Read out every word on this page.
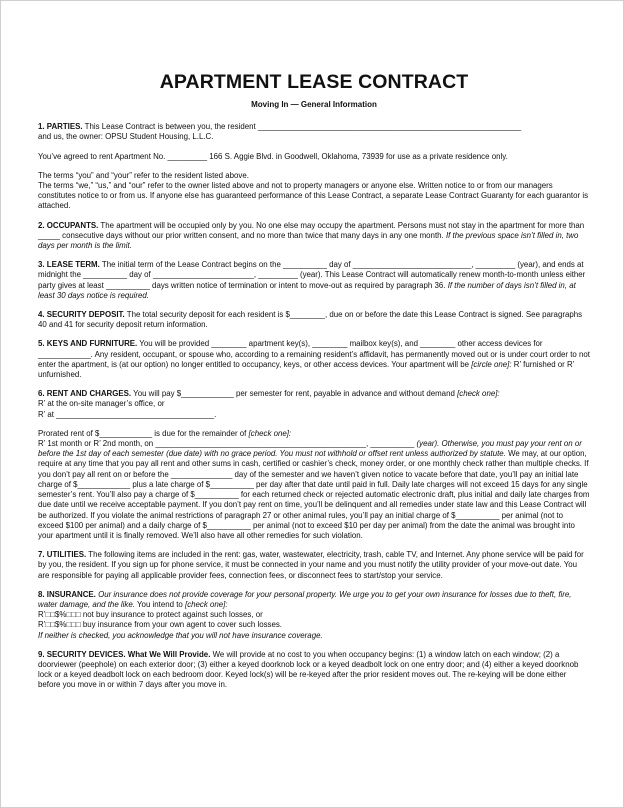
APARTMENT LEASE CONTRACT
Moving In — General Information

1. PARTIES. This Lease Contract is between you, the resident ____________________________________________________________

and us, the owner: OPSU Student Housing, L.L.C.

You’ve agreed to rent Apartment No. _________ 166 S. Aggie Blvd. in Goodwell, Oklahoma, 73939 for use as a private residence only.

The terms “you” and “your” refer to the resident listed above.

The terms “we,” “us,” and “our” refer to the owner listed above and not to property managers or anyone else. Written notice to or from our managers constitutes notice to or from us. If anyone else has guaranteed performance of this Lease Contract, a separate Lease Contract Guaranty for each guarantor is attached.

2. OCCUPANTS. The apartment will be occupied only by you. No one else may occupy the apartment. Persons must not stay in the apartment for more than _____ consecutive days without our prior written consent, and no more than twice that many days in any one month. If the previous space isn’t filled in, two days per month is the limit.

3. LEASE TERM. The initial term of the Lease Contract begins on the __________ day of ___________________________, _________ (year), and ends at midnight the __________ day of _______________________, _________ (year). This Lease Contract will automatically renew month-to-month unless either party gives at least __________ days written notice of termination or intent to move-out as required by paragraph 36. If the number of days isn’t filled in, at least 30 days notice is required.

4. SECURITY DEPOSIT. The total security deposit for each resident is $________, due on or before the date this Lease Contract is signed. See paragraphs 40 and 41 for security deposit return information.

5. KEYS AND FURNITURE. You will be provided ________ apartment key(s), ________ mailbox key(s), and ________ other access devices for ____________. Any resident, occupant, or spouse who, according to a remaining resident’s affidavit, has permanently moved out or is under court order to not enter the apartment, is (at our option) no longer entitled to occupancy, keys, or other access devices. Your apartment will be [circle one]: R’ furnished or R’ unfurnished.

6. RENT AND CHARGES. You will pay $____________ per semester for rent, payable in advance and without demand [check one]:

R’ at the on-site manager’s office, or

R’ at ____________________________________.

Prorated rent of $____________ is due for the remainder of [check one]:

R’ 1st month or R’ 2nd month, on ________________________________________________, __________ (year). Otherwise, you must pay your rent on or before the 1st day of each semester (due date) with no grace period. You must not withhold or offset rent unless authorized by statute. We may, at our option, require at any time that you pay all rent and other sums in cash, certified or cashier’s check, money order, or one monthly check rather than multiple checks. If you don’t pay all rent on or before the ______________ day of the semester and we haven’t given notice to vacate before that date, you’ll pay an initial late charge of $____________ plus a late charge of $__________ per day after that date until paid in full. Daily late charges will not exceed 15 days for any single semester’s rent. You’ll also pay a charge of $__________ for each returned check or rejected automatic electronic draft, plus initial and daily late charges from due date until we receive acceptable payment. If you don’t pay rent on time, you’ll be delinquent and all remedies under state law and this Lease Contract will be authorized. If you violate the animal restrictions of paragraph 27 or other animal rules, you’ll pay an initial charge of $__________ per animal (not to exceed $100 per animal) and a daily charge of $__________ per animal (not to exceed $10 per day per animal) from the date the animal was brought into your apartment until it is finally removed. We’ll also have all other remedies for such violation.

7. UTILITIES. The following items are included in the rent: gas, water, wastewater, electricity, trash, cable TV, and Internet. Any phone service will be paid for by you, the resident. If you sign up for phone service, it must be connected in your name and you must notify the utility provider of your move-out date. You are responsible for paying all applicable provider fees, connection fees, or disconnect fees to start/stop your service.

8. INSURANCE. Our insurance does not provide coverage for your personal property. We urge you to get your own insurance for losses due to theft, fire, water damage, and the like. You intend to [check one]:

R’□□$%□□□ not buy insurance to protect against such losses, or

R’□□$%□□□ buy insurance from your own agent to cover such losses.

If neither is checked, you acknowledge that you will not have insurance coverage.

9. SECURITY DEVICES. What We Will Provide. We will provide at no cost to you when occupancy begins: (1) a window latch on each window; (2) a doorviewer (peephole) on each exterior door; (3) either a keyed doorknob lock or a keyed deadbolt lock on one entry door; and (4) either a keyed doorknob lock or a keyed deadbolt lock on each bedroom door. Keyed lock(s) will be re-keyed after the prior resident moves out. The re-keying will be done either before you move in or within 7 days after you move in.
